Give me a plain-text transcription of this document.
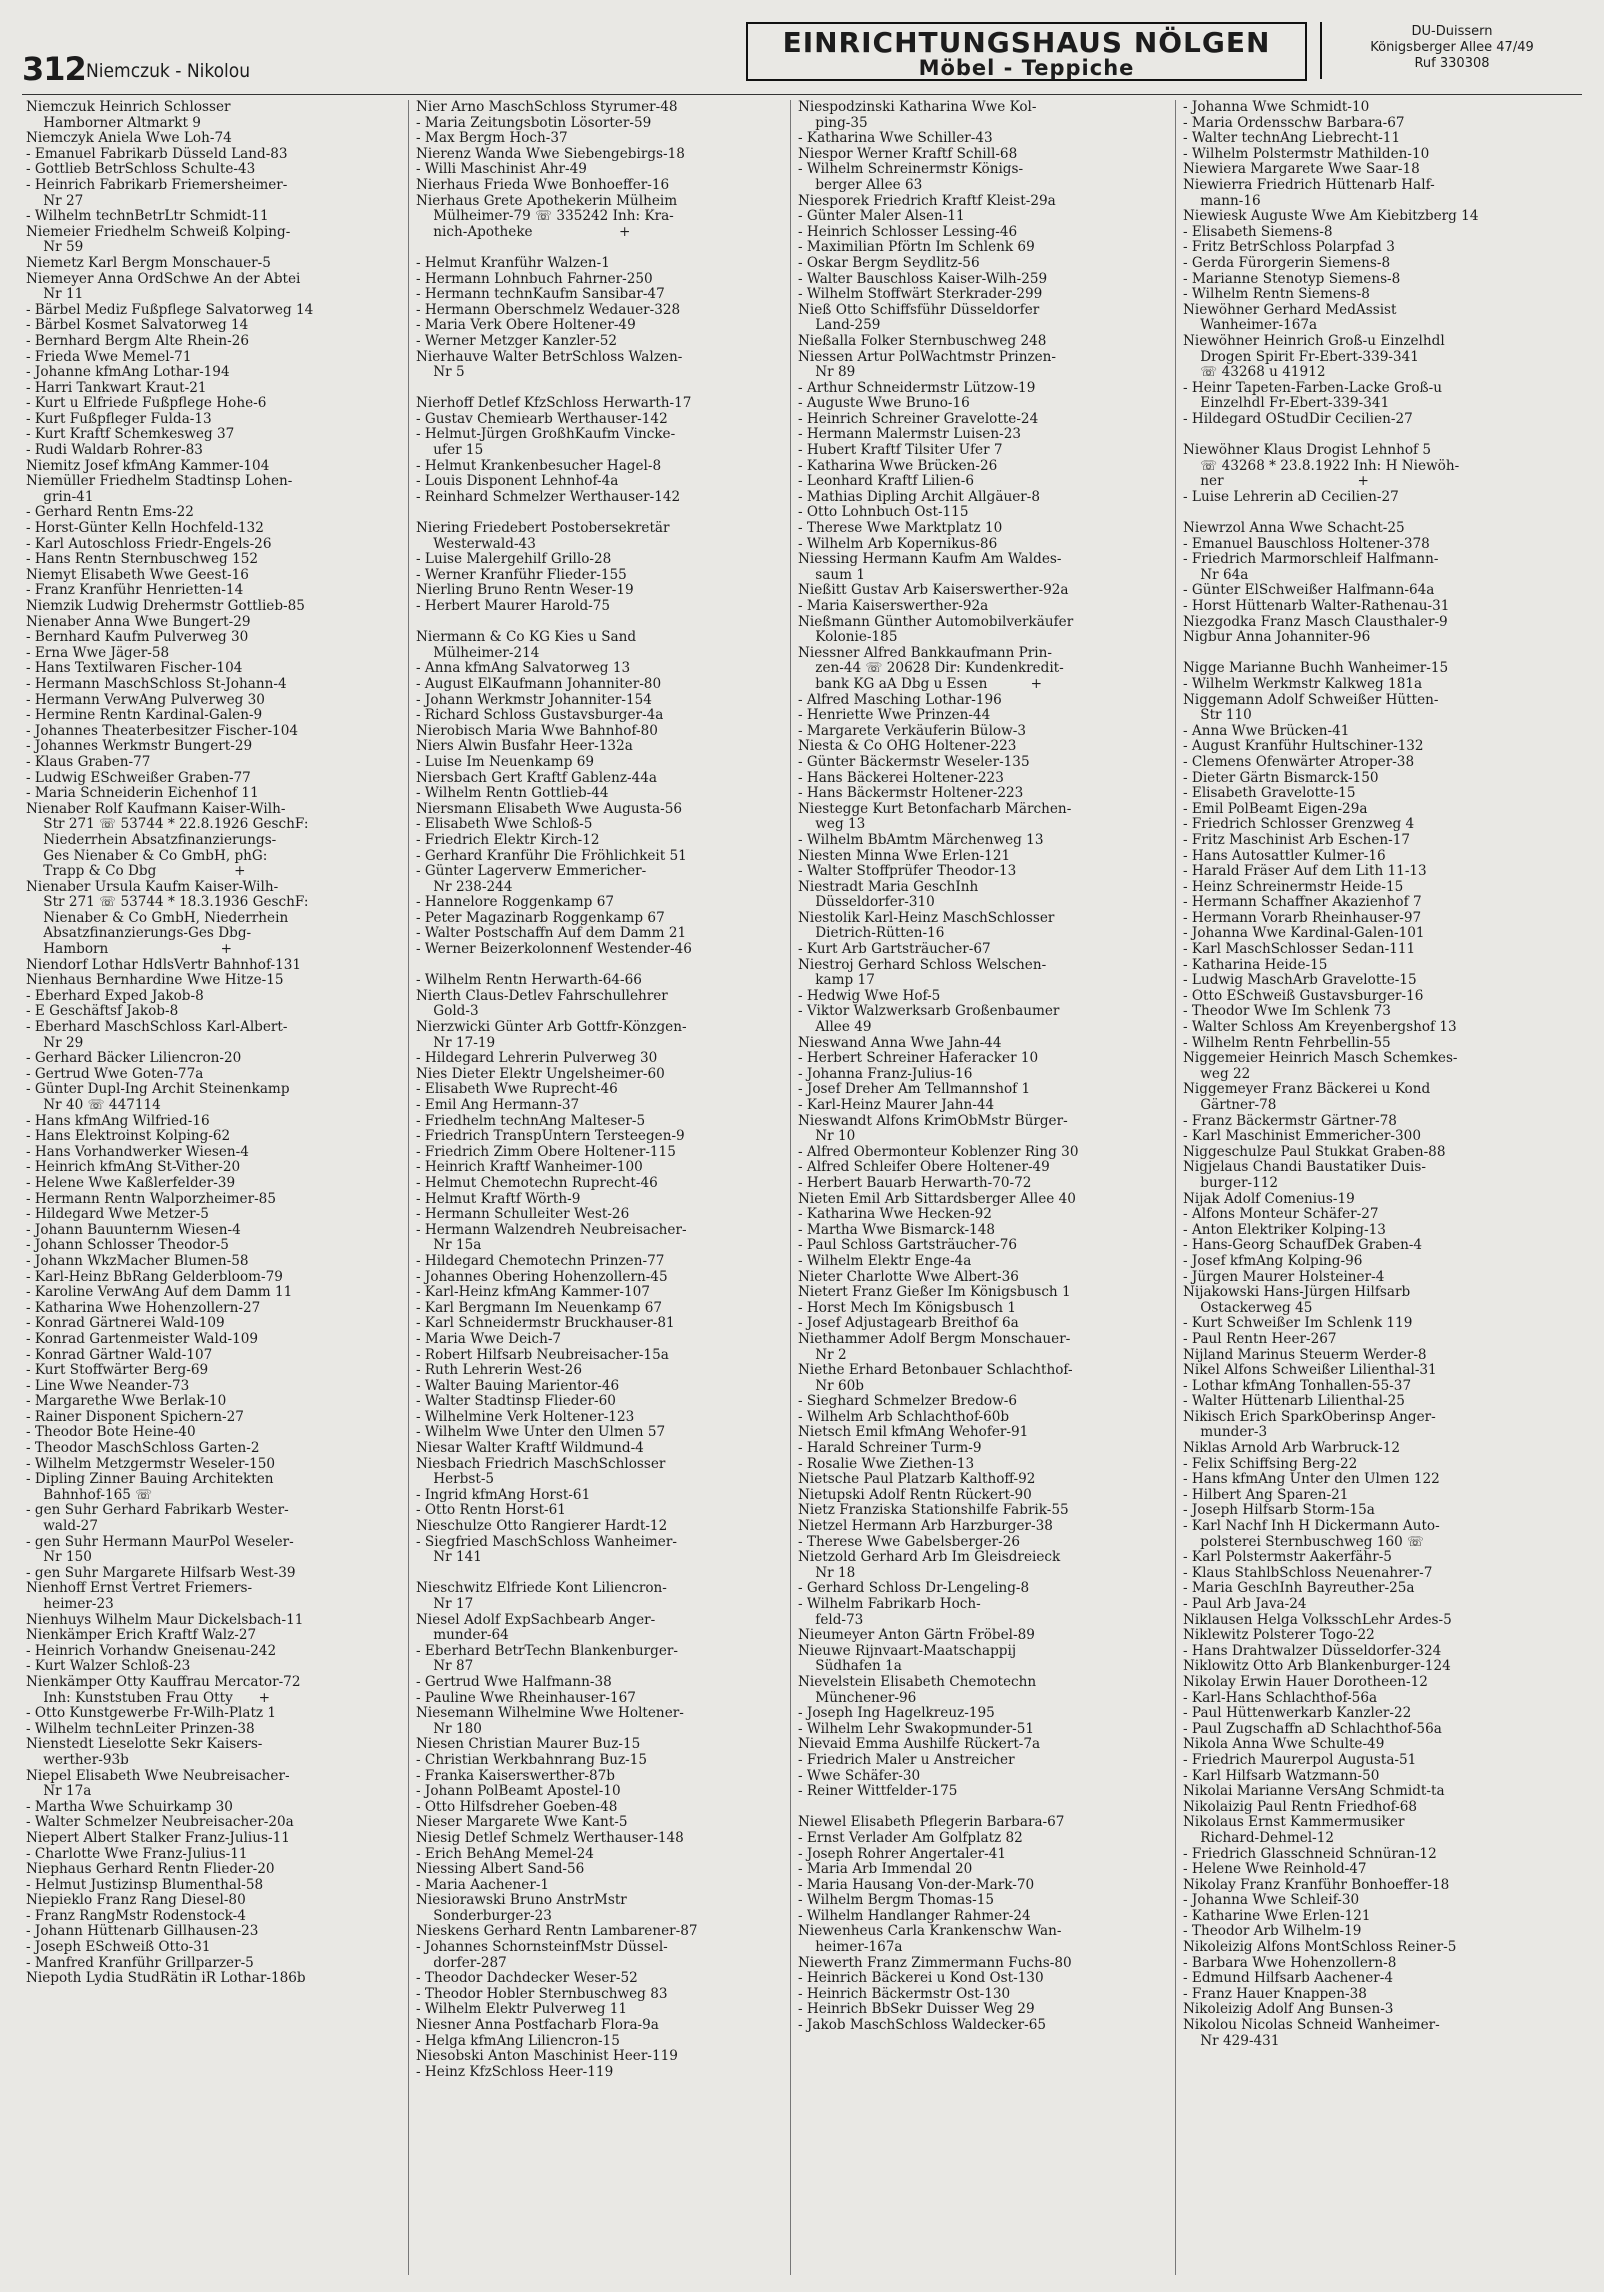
312 Niemczuk - Nikolou
EINRICHTUNGSHAUS NÖLGEN
Möbel - Teppiche
DU-Duissern
Königsberger Allee 47/49
Ruf 330308
Niemczuk Heinrich Schlosser
Hamborner Altmarkt 9
Niemczyk Aniela Wwe Loh-74
- Emanuel Fabrikarb Düsseld Land-83
- Gottlieb BetrSchloss Schulte-43
- Heinrich Fabrikarb Friemersheimer-
Nr 27
- Wilhelm technBetrLtr Schmidt-11
Niemeier Friedhelm Schweiß Kolping-
Nr 59
Niemetz Karl Bergm Monschauer-5
Niemeyer Anna OrdSchwe An der Abtei
Nr 11
- Bärbel Mediz Fußpflege Salvatorweg 14
- Bärbel Kosmet Salvatorweg 14
- Bernhard Bergm Alte Rhein-26
- Frieda Wwe Memel-71
- Johanne kfmAng Lothar-194
- Harri Tankwart Kraut-21
- Kurt u Elfriede Fußpflege Hohe-6
- Kurt Fußpfleger Fulda-13
- Kurt Kraftf Schemkesweg 37
- Rudi Waldarb Rohrer-83
Niemitz Josef kfmAng Kammer-104
Niemüller Friedhelm Stadtinsp Lohen-
grin-41
- Gerhard Rentn Ems-22
- Horst-Günter Kelln Hochfeld-132
- Karl Autoschloss Friedr-Engels-26
- Hans Rentn Sternbuschweg 152
Niemyt Elisabeth Wwe Geest-16
- Franz Kranführ Henrietten-14
Niemzik Ludwig Drehermstr Gottlieb-85
Nienaber Anna Wwe Bungert-29
- Bernhard Kaufm Pulverweg 30
- Erna Wwe Jäger-58
- Hans Textilwaren Fischer-104
- Hermann MaschSchloss St-Johann-4
- Hermann VerwAng Pulverweg 30
- Hermine Rentn Kardinal-Galen-9
- Johannes Theaterbesitzer Fischer-104
- Johannes Werkmstr Bungert-29
- Klaus Graben-77
- Ludwig ESchweißer Graben-77
- Maria Schneiderin Eichenhof 11
Nienaber Rolf Kaufmann Kaiser-Wilh-
Str 271 ☏ 53744 * 22.8.1926 GeschF:
Niederrhein Absatzfinanzierungs-
Ges Nienaber & Co GmbH, phG:
Trapp & Co Dbg                  +
Nienaber Ursula Kaufm Kaiser-Wilh-
Str 271 ☏ 53744 * 18.3.1936 GeschF:
Nienaber & Co GmbH, Niederrhein
Absatzfinanzierungs-Ges Dbg-
Hamborn                          +
Niendorf Lothar HdlsVertr Bahnhof-131
Nienhaus Bernhardine Wwe Hitze-15
- Eberhard Exped Jakob-8
- E Geschäftsf Jakob-8
- Eberhard MaschSchloss Karl-Albert-
Nr 29
- Gerhard Bäcker Liliencron-20
- Gertrud Wwe Goten-77a
- Günter Dupl-Ing Archit Steinenkamp
Nr 40 ☏ 447114
- Hans kfmAng Wilfried-16
- Hans Elektroinst Kolping-62
- Hans Vorhandwerker Wiesen-4
- Heinrich kfmAng St-Vither-20
- Helene Wwe Kaßlerfelder-39
- Hermann Rentn Walporzheimer-85
- Hildegard Wwe Metzer-5
- Johann Bauunternm Wiesen-4
- Johann Schlosser Theodor-5
- Johann WkzMacher Blumen-58
- Karl-Heinz BbRang Gelderbloom-79
- Karoline VerwAng Auf dem Damm 11
- Katharina Wwe Hohenzollern-27
- Konrad Gärtnerei Wald-109
- Konrad Gartenmeister Wald-109
- Konrad Gärtner Wald-107
- Kurt Stoffwärter Berg-69
- Line Wwe Neander-73
- Margarethe Wwe Berlak-10
- Rainer Disponent Spichern-27
- Theodor Bote Heine-40
- Theodor MaschSchloss Garten-2
- Wilhelm Metzgermstr Weseler-150
- Dipling Zinner Bauing Architekten
Bahnhof-165 ☏
- gen Suhr Gerhard Fabrikarb Wester-
wald-27
- gen Suhr Hermann MaurPol Weseler-
Nr 150
- gen Suhr Margarete Hilfsarb West-39
Nienhoff Ernst Vertret Friemers-
heimer-23
Nienhuys Wilhelm Maur Dickelsbach-11
Nienkämper Erich Kraftf Walz-27
- Heinrich Vorhandw Gneisenau-242
- Kurt Walzer Schloß-23
Nienkämper Otty Kauffrau Mercator-72
Inh: Kunststuben Frau Otty      +
- Otto Kunstgewerbe Fr-Wilh-Platz 1
- Wilhelm technLeiter Prinzen-38
Nienstedt Lieselotte Sekr Kaisers-
werther-93b
Niepel Elisabeth Wwe Neubreisacher-
Nr 17a
- Martha Wwe Schuirkamp 30
- Walter Schmelzer Neubreisacher-20a
Niepert Albert Stalker Franz-Julius-11
- Charlotte Wwe Franz-Julius-11
Niephaus Gerhard Rentn Flieder-20
- Helmut Justizinsp Blumenthal-58
Niepieklo Franz Rang Diesel-80
- Franz RangMstr Rodenstock-4
- Johann Hüttenarb Gillhausen-23
- Joseph ESchweiß Otto-31
- Manfred Kranführ Grillparzer-5
Niepoth Lydia StudRätin iR Lothar-186b
Nier Arno MaschSchloss Styrumer-48
- Maria Zeitungsbotin Lösorter-59
- Max Bergm Hoch-37
Nierenz Wanda Wwe Siebengebirgs-18
- Willi Maschinist Ahr-49
Nierhaus Frieda Wwe Bonhoeffer-16
Nierhaus Grete Apothekerin Mülheim
Mülheimer-79 ☏ 335242 Inh: Kra-
nich-Apotheke                    +
- Helmut Kranführ Walzen-1
- Hermann Lohnbuch Fahrner-250
- Hermann technKaufm Sansibar-47
- Hermann Oberschmelz Wedauer-328
- Maria Verk Obere Holtener-49
- Werner Metzger Kanzler-52
Nierhauve Walter BetrSchloss Walzen-
Nr 5
Nierhoff Detlef KfzSchloss Herwarth-17
- Gustav Chemiearb Werthauser-142
- Helmut-Jürgen GroßhKaufm Vincke-
ufer 15
- Helmut Krankenbesucher Hagel-8
- Louis Disponent Lehnhof-4a
- Reinhard Schmelzer Werthauser-142
Niering Friedebert Postobersekretär
Westerwald-43
- Luise Malergehilf Grillo-28
- Werner Kranführ Flieder-155
Nierling Bruno Rentn Weser-19
- Herbert Maurer Harold-75
Niermann & Co KG Kies u Sand
Mülheimer-214
- Anna kfmAng Salvatorweg 13
- August ElKaufmann Johanniter-80
- Johann Werkmstr Johanniter-154
- Richard Schloss Gustavsburger-4a
Nierobisch Maria Wwe Bahnhof-80
Niers Alwin Busfahr Heer-132a
- Luise Im Neuenkamp 69
Niersbach Gert Kraftf Gablenz-44a
- Wilhelm Rentn Gottlieb-44
Niersmann Elisabeth Wwe Augusta-56
- Elisabeth Wwe Schloß-5
- Friedrich Elektr Kirch-12
- Gerhard Kranführ Die Fröhlichkeit 51
- Günter Lagerverw Emmericher-
Nr 238-244
- Hannelore Roggenkamp 67
- Peter Magazinarb Roggenkamp 67
- Walter Postschaffn Auf dem Damm 21
- Werner Beizerkolonnenf Westender-46
- Wilhelm Rentn Herwarth-64-66
Nierth Claus-Detlev Fahrschullehrer
Gold-3
Nierzwicki Günter Arb Gottfr-Könzgen-
Nr 17-19
- Hildegard Lehrerin Pulverweg 30
Nies Dieter Elektr Ungelsheimer-60
- Elisabeth Wwe Ruprecht-46
- Emil Ang Hermann-37
- Friedhelm technAng Malteser-5
- Friedrich TranspUntern Tersteegen-9
- Friedrich Zimm Obere Holtener-115
- Heinrich Kraftf Wanheimer-100
- Helmut Chemotechn Ruprecht-46
- Helmut Kraftf Wörth-9
- Hermann Schulleiter West-26
- Hermann Walzendreh Neubreisacher-
Nr 15a
- Hildegard Chemotechn Prinzen-77
- Johannes Obering Hohenzollern-45
- Karl-Heinz kfmAng Kammer-107
- Karl Bergmann Im Neuenkamp 67
- Karl Schneidermstr Bruckhauser-81
- Maria Wwe Deich-7
- Robert Hilfsarb Neubreisacher-15a
- Ruth Lehrerin West-26
- Walter Bauing Marientor-46
- Walter Stadtinsp Flieder-60
- Wilhelmine Verk Holtener-123
- Wilhelm Wwe Unter den Ulmen 57
Niesar Walter Kraftf Wildmund-4
Niesbach Friedrich MaschSchlosser
Herbst-5
- Ingrid kfmAng Horst-61
- Otto Rentn Horst-61
Nieschulze Otto Rangierer Hardt-12
- Siegfried MaschSchloss Wanheimer-
Nr 141
Nieschwitz Elfriede Kont Liliencron-
Nr 17
Niesel Adolf ExpSachbearb Anger-
munder-64
- Eberhard BetrTechn Blankenburger-
Nr 87
- Gertrud Wwe Halfmann-38
- Pauline Wwe Rheinhauser-167
Niesemann Wilhelmine Wwe Holtener-
Nr 180
Niesen Christian Maurer Buz-15
- Christian Werkbahnrang Buz-15
- Franka Kaiserswerther-87b
- Johann PolBeamt Apostel-10
- Otto Hilfsdreher Goeben-48
Nieser Margarete Wwe Kant-5
Niesig Detlef Schmelz Werthauser-148
- Erich BehAng Memel-24
Niessing Albert Sand-56
- Maria Aachener-1
Niesiorawski Bruno AnstrMstr
Sonderburger-23
Nieskens Gerhard Rentn Lambarener-87
- Johannes SchornsteinfMstr Düssel-
dorfer-287
- Theodor Dachdecker Weser-52
- Theodor Hobler Sternbuschweg 83
- Wilhelm Elektr Pulverweg 11
Niesner Anna Postfacharb Flora-9a
- Helga kfmAng Liliencron-15
Niesobski Anton Maschinist Heer-119
- Heinz KfzSchloss Heer-119
Niespodzinski Katharina Wwe Kol-
ping-35
- Katharina Wwe Schiller-43
Niespor Werner Kraftf Schill-68
- Wilhelm Schreinermstr Königs-
berger Allee 63
Niesporek Friedrich Kraftf Kleist-29a
- Günter Maler Alsen-11
- Heinrich Schlosser Lessing-46
- Maximilian Pförtn Im Schlenk 69
- Oskar Bergm Seydlitz-56
- Walter Bauschloss Kaiser-Wilh-259
- Wilhelm Stoffwärt Sterkrader-299
Nieß Otto Schiffsführ Düsseldorfer
Land-259
Nießalla Folker Sternbuschweg 248
Niessen Artur PolWachtmstr Prinzen-
Nr 89
- Arthur Schneidermstr Lützow-19
- Auguste Wwe Bruno-16
- Heinrich Schreiner Gravelotte-24
- Hermann Malermstr Luisen-23
- Hubert Kraftf Tilsiter Ufer 7
- Katharina Wwe Brücken-26
- Leonhard Kraftf Lilien-6
- Mathias Dipling Archit Allgäuer-8
- Otto Lohnbuch Ost-115
- Therese Wwe Marktplatz 10
- Wilhelm Arb Kopernikus-86
Niessing Hermann Kaufm Am Waldes-
saum 1
Nießitt Gustav Arb Kaiserswerther-92a
- Maria Kaiserswerther-92a
Nießmann Günther Automobilverkäufer
Kolonie-185
Niessner Alfred Bankkaufmann Prin-
zen-44 ☏ 20628 Dir: Kundenkredit-
bank KG aA Dbg u Essen          +
- Alfred Masching Lothar-196
- Henriette Wwe Prinzen-44
- Margarete Verkäuferin Bülow-3
Niesta & Co OHG Holtener-223
- Günter Bäckermstr Weseler-135
- Hans Bäckerei Holtener-223
- Hans Bäckermstr Holtener-223
Niestegge Kurt Betonfacharb Märchen-
weg 13
- Wilhelm BbAmtm Märchenweg 13
Niesten Minna Wwe Erlen-121
- Walter Stoffprüfer Theodor-13
Niestradt Maria GeschInh
Düsseldorfer-310
Niestolik Karl-Heinz MaschSchlosser
Dietrich-Rütten-16
- Kurt Arb Gartsträucher-67
Niestroj Gerhard Schloss Welschen-
kamp 17
- Hedwig Wwe Hof-5
- Viktor Walzwerksarb Großenbaumer
Allee 49
Nieswand Anna Wwe Jahn-44
- Herbert Schreiner Haferacker 10
- Johanna Franz-Julius-16
- Josef Dreher Am Tellmannshof 1
- Karl-Heinz Maurer Jahn-44
Nieswandt Alfons KrimObMstr Bürger-
Nr 10
- Alfred Obermonteur Koblenzer Ring 30
- Alfred Schleifer Obere Holtener-49
- Herbert Bauarb Herwarth-70-72
Nieten Emil Arb Sittardsberger Allee 40
- Katharina Wwe Hecken-92
- Martha Wwe Bismarck-148
- Paul Schloss Gartsträucher-76
- Wilhelm Elektr Enge-4a
Nieter Charlotte Wwe Albert-36
Nietert Franz Gießer Im Königsbusch 1
- Horst Mech Im Königsbusch 1
- Josef Adjustagearb Breithof 6a
Niethammer Adolf Bergm Monschauer-
Nr 2
Niethe Erhard Betonbauer Schlachthof-
Nr 60b
- Sieghard Schmelzer Bredow-6
- Wilhelm Arb Schlachthof-60b
Nietsch Emil kfmAng Wehofer-91
- Harald Schreiner Turm-9
- Rosalie Wwe Ziethen-13
Nietsche Paul Platzarb Kalthoff-92
Nietupski Adolf Rentn Rückert-90
Nietz Franziska Stationshilfe Fabrik-55
Nietzel Hermann Arb Harzburger-38
- Therese Wwe Gabelsberger-26
Nietzold Gerhard Arb Im Gleisdreieck
Nr 18
- Gerhard Schloss Dr-Lengeling-8
- Wilhelm Fabrikarb Hoch-
feld-73
Nieumeyer Anton Gärtn Fröbel-89
Nieuwe Rijnvaart-Maatschappij
Südhafen 1a
Nievelstein Elisabeth Chemotechn
Münchener-96
- Joseph Ing Hagelkreuz-195
- Wilhelm Lehr Swakopmunder-51
Nievaid Emma Aushilfe Rückert-7a
- Friedrich Maler u Anstreicher
- Wwe Schäfer-30
- Reiner Wittfelder-175
Niewel Elisabeth Pflegerin Barbara-67
- Ernst Verlader Am Golfplatz 82
- Joseph Rohrer Angertaler-41
- Maria Arb Immendal 20
- Maria Hausang Von-der-Mark-70
- Wilhelm Bergm Thomas-15
- Wilhelm Handlanger Rahmer-24
Niewenheus Carla Krankenschw Wan-
heimer-167a
Niewerth Franz Zimmermann Fuchs-80
- Heinrich Bäckerei u Kond Ost-130
- Heinrich Bäckermstr Ost-130
- Heinrich BbSekr Duisser Weg 29
- Jakob MaschSchloss Waldecker-65
- Johanna Wwe Schmidt-10
- Maria Ordensschw Barbara-67
- Walter technAng Liebrecht-11
- Wilhelm Polstermstr Mathilden-10
Niewiera Margarete Wwe Saar-18
Niewierra Friedrich Hüttenarb Half-
mann-16
Niewiesk Auguste Wwe Am Kiebitzberg 14
- Elisabeth Siemens-8
- Fritz BetrSchloss Polarpfad 3
- Gerda Fürorgerin Siemens-8
- Marianne Stenotyp Siemens-8
- Wilhelm Rentn Siemens-8
Niewöhner Gerhard MedAssist
Wanheimer-167a
Niewöhner Heinrich Groß-u Einzelhdl
Drogen Spirit Fr-Ebert-339-341
☏ 43268 u 41912
- Heinr Tapeten-Farben-Lacke Groß-u
Einzelhdl Fr-Ebert-339-341
- Hildegard OStudDir Cecilien-27
Niewöhner Klaus Drogist Lehnhof 5
☏ 43268 * 23.8.1922 Inh: H Niewöh-
ner                               +
- Luise Lehrerin aD Cecilien-27
Niewrzol Anna Wwe Schacht-25
- Emanuel Bauschloss Holtener-378
- Friedrich Marmorschleif Halfmann-
Nr 64a
- Günter ElSchweißer Halfmann-64a
- Horst Hüttenarb Walter-Rathenau-31
Niezgodka Franz Masch Clausthaler-9
Nigbur Anna Johanniter-96
Nigge Marianne Buchh Wanheimer-15
- Wilhelm Werkmstr Kalkweg 181a
Niggemann Adolf Schweißer Hütten-
Str 110
- Anna Wwe Brücken-41
- August Kranführ Hultschiner-132
- Clemens Ofenwärter Atroper-38
- Dieter Gärtn Bismarck-150
- Elisabeth Gravelotte-15
- Emil PolBeamt Eigen-29a
- Friedrich Schlosser Grenzweg 4
- Fritz Maschinist Arb Eschen-17
- Hans Autosattler Kulmer-16
- Harald Fräser Auf dem Lith 11-13
- Heinz Schreinermstr Heide-15
- Hermann Schaffner Akazienhof 7
- Hermann Vorarb Rheinhauser-97
- Johanna Wwe Kardinal-Galen-101
- Karl MaschSchlosser Sedan-111
- Katharina Heide-15
- Ludwig MaschArb Gravelotte-15
- Otto ESchweiß Gustavsburger-16
- Theodor Wwe Im Schlenk 73
- Walter Schloss Am Kreyenbergshof 13
- Wilhelm Rentn Fehrbellin-55
Niggemeier Heinrich Masch Schemkes-
weg 22
Niggemeyer Franz Bäckerei u Kond
Gärtner-78
- Franz Bäckermstr Gärtner-78
- Karl Maschinist Emmericher-300
Niggeschulze Paul Stukkat Graben-88
Nigjelaus Chandi Baustatiker Duis-
burger-112
Nijak Adolf Comenius-19
- Alfons Monteur Schäfer-27
- Anton Elektriker Kolping-13
- Hans-Georg SchaufDek Graben-4
- Josef kfmAng Kolping-96
- Jürgen Maurer Holsteiner-4
Nijakowski Hans-Jürgen Hilfsarb
Ostackerweg 45
- Kurt Schweißer Im Schlenk 119
- Paul Rentn Heer-267
Nijland Marinus Steuerm Werder-8
Nikel Alfons Schweißer Lilienthal-31
- Lothar kfmAng Tonhallen-55-37
- Walter Hüttenarb Lilienthal-25
Nikisch Erich SparkOberinsp Anger-
munder-3
Niklas Arnold Arb Warbruck-12
- Felix Schiffsing Berg-22
- Hans kfmAng Unter den Ulmen 122
- Hilbert Ang Sparen-21
- Joseph Hilfsarb Storm-15a
- Karl Nachf Inh H Dickermann Auto-
polsterei Sternbuschweg 160 ☏
- Karl Polstermstr Aakerfähr-5
- Klaus StahlbSchloss Neuenahrer-7
- Maria GeschInh Bayreuther-25a
- Paul Arb Java-24
Niklausen Helga VolksschLehr Ardes-5
Niklewitz Polsterer Togo-22
- Hans Drahtwalzer Düsseldorfer-324
Niklowitz Otto Arb Blankenburger-124
Nikolay Erwin Hauer Dorotheen-12
- Karl-Hans Schlachthof-56a
- Paul Hüttenwerkarb Kanzler-22
- Paul Zugschaffn aD Schlachthof-56a
Nikola Anna Wwe Schulte-49
- Friedrich Maurerpol Augusta-51
- Karl Hilfsarb Watzmann-50
Nikolai Marianne VersAng Schmidt-ta
Nikolaizig Paul Rentn Friedhof-68
Nikolaus Ernst Kammermusiker
Richard-Dehmel-12
- Friedrich Glasschneid Schnüran-12
- Helene Wwe Reinhold-47
Nikolay Franz Kranführ Bonhoeffer-18
- Johanna Wwe Schleif-30
- Katharine Wwe Erlen-121
- Theodor Arb Wilhelm-19
Nikoleizig Alfons MontSchloss Reiner-5
- Barbara Wwe Hohenzollern-8
- Edmund Hilfsarb Aachener-4
- Franz Hauer Knappen-38
Nikoleizig Adolf Ang Bunsen-3
Nikolou Nicolas Schneid Wanheimer-
Nr 429-431
